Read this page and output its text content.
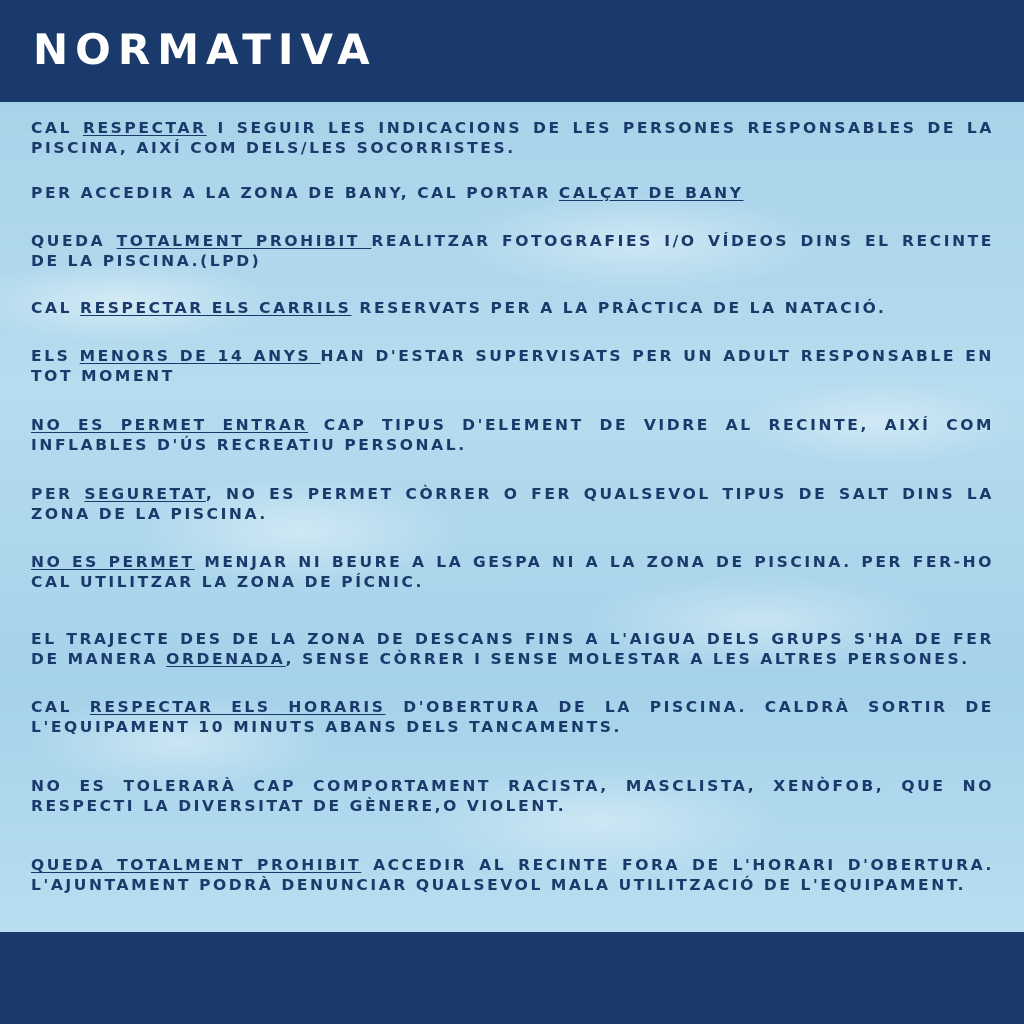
NORMATIVA
CAL RESPECTAR I SEGUIR LES INDICACIONS DE LES PERSONES RESPONSABLES DE LA PISCINA, AIXÍ COM DELS/LES SOCORRISTES.
PER ACCEDIR A LA ZONA DE BANY, CAL PORTAR CALÇAT DE BANY
QUEDA TOTALMENT PROHIBIT REALITZAR FOTOGRAFIES I/O VÍDEOS DINS EL RECINTE DE LA PISCINA.(LPD)
CAL RESPECTAR ELS CARRILS RESERVATS PER A LA PRÀCTICA DE LA NATACIÓ.
ELS MENORS DE 14 ANYS HAN D'ESTAR SUPERVISATS PER UN ADULT RESPONSABLE EN TOT MOMENT
NO ES PERMET ENTRAR CAP TIPUS D'ELEMENT DE VIDRE AL RECINTE, AIXÍ COM INFLABLES D'ÚS RECREATIU PERSONAL.
PER SEGURETAT, NO ES PERMET CÒRRER O FER QUALSEVOL TIPUS DE SALT DINS LA ZONA DE LA PISCINA.
NO ES PERMET MENJAR NI BEURE A LA GESPA NI A LA ZONA DE PISCINA. PER FER-HO CAL UTILITZAR LA ZONA DE PÍCNIC.
EL TRAJECTE DES DE LA ZONA DE DESCANS FINS A L'AIGUA DELS GRUPS S'HA DE FER DE MANERA ORDENADA, SENSE CÒRRER I SENSE MOLESTAR A LES ALTRES PERSONES.
CAL RESPECTAR ELS HORARIS D'OBERTURA DE LA PISCINA. CALDRÀ SORTIR DE L'EQUIPAMENT 10 MINUTS ABANS DELS TANCAMENTS.
NO ES TOLERARÀ CAP COMPORTAMENT RACISTA, MASCLISTA, XENÒFOB, QUE NO RESPECTI LA DIVERSITAT DE GÈNERE,O VIOLENT.
QUEDA TOTALMENT PROHIBIT ACCEDIR AL RECINTE FORA DE L'HORARI D'OBERTURA. L'AJUNTAMENT PODRÀ DENUNCIAR QUALSEVOL MALA UTILITZACIÓ DE L'EQUIPAMENT.
